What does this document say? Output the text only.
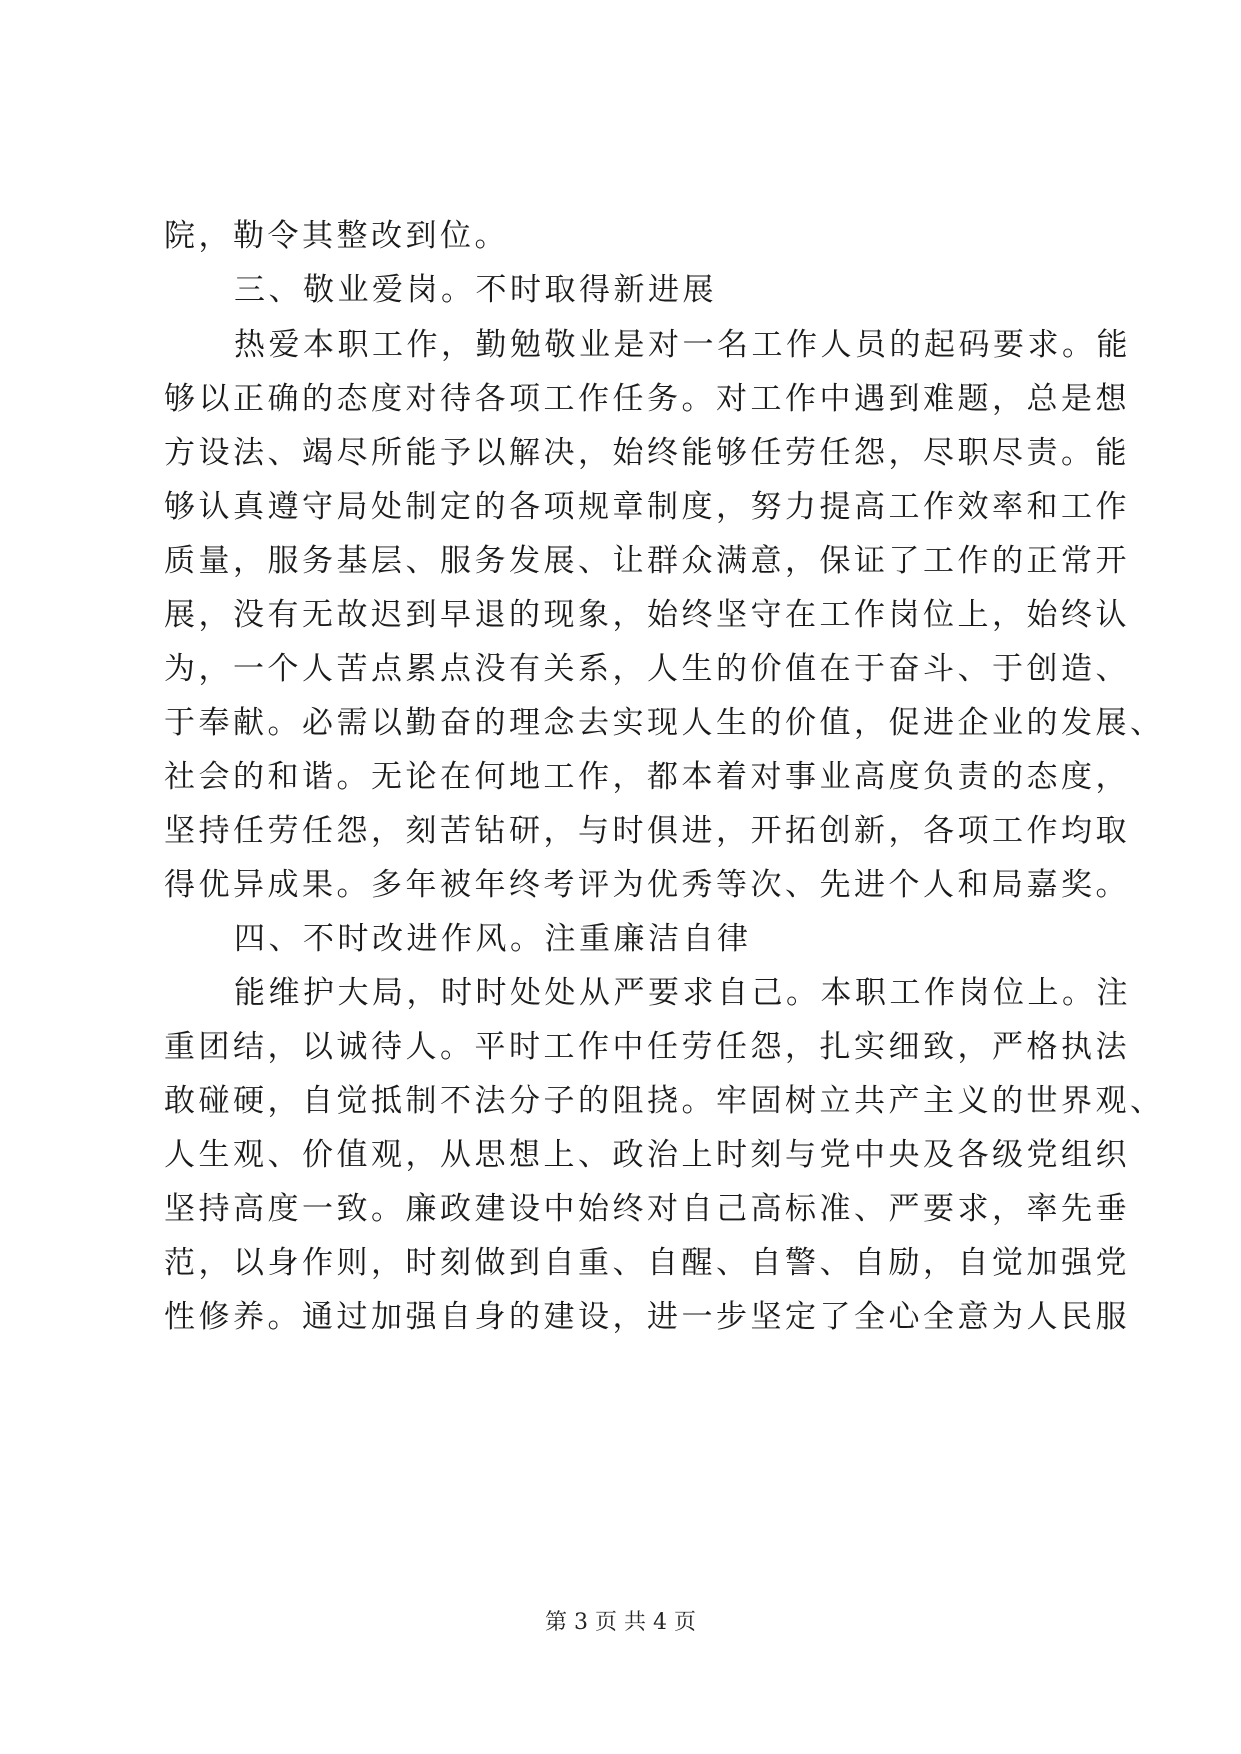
院，勒令其整改到位。
三、敬业爱岗。不时取得新进展
热爱本职工作，勤勉敬业是对一名工作人员的起码要求。能
够以正确的态度对待各项工作任务。对工作中遇到难题，总是想
方设法、竭尽所能予以解决，始终能够任劳任怨，尽职尽责。能
够认真遵守局处制定的各项规章制度，努力提高工作效率和工作
质量，服务基层、服务发展、让群众满意，保证了工作的正常开
展，没有无故迟到早退的现象，始终坚守在工作岗位上，始终认
为，一个人苦点累点没有关系，人生的价值在于奋斗、于创造、
于奉献。必需以勤奋的理念去实现人生的价值，促进企业的发展、
社会的和谐。无论在何地工作，都本着对事业高度负责的态度，
坚持任劳任怨，刻苦钻研，与时俱进，开拓创新，各项工作均取
得优异成果。多年被年终考评为优秀等次、先进个人和局嘉奖。
四、不时改进作风。注重廉洁自律
能维护大局，时时处处从严要求自己。本职工作岗位上。注
重团结，以诚待人。平时工作中任劳任怨，扎实细致，严格执法
敢碰硬，自觉抵制不法分子的阻挠。牢固树立共产主义的世界观、
人生观、价值观，从思想上、政治上时刻与党中央及各级党组织
坚持高度一致。廉政建设中始终对自己高标准、严要求，率先垂
范，以身作则，时刻做到自重、自醒、自警、自励，自觉加强党
性修养。通过加强自身的建设，进一步坚定了全心全意为人民服
第 3 页 共 4 页
